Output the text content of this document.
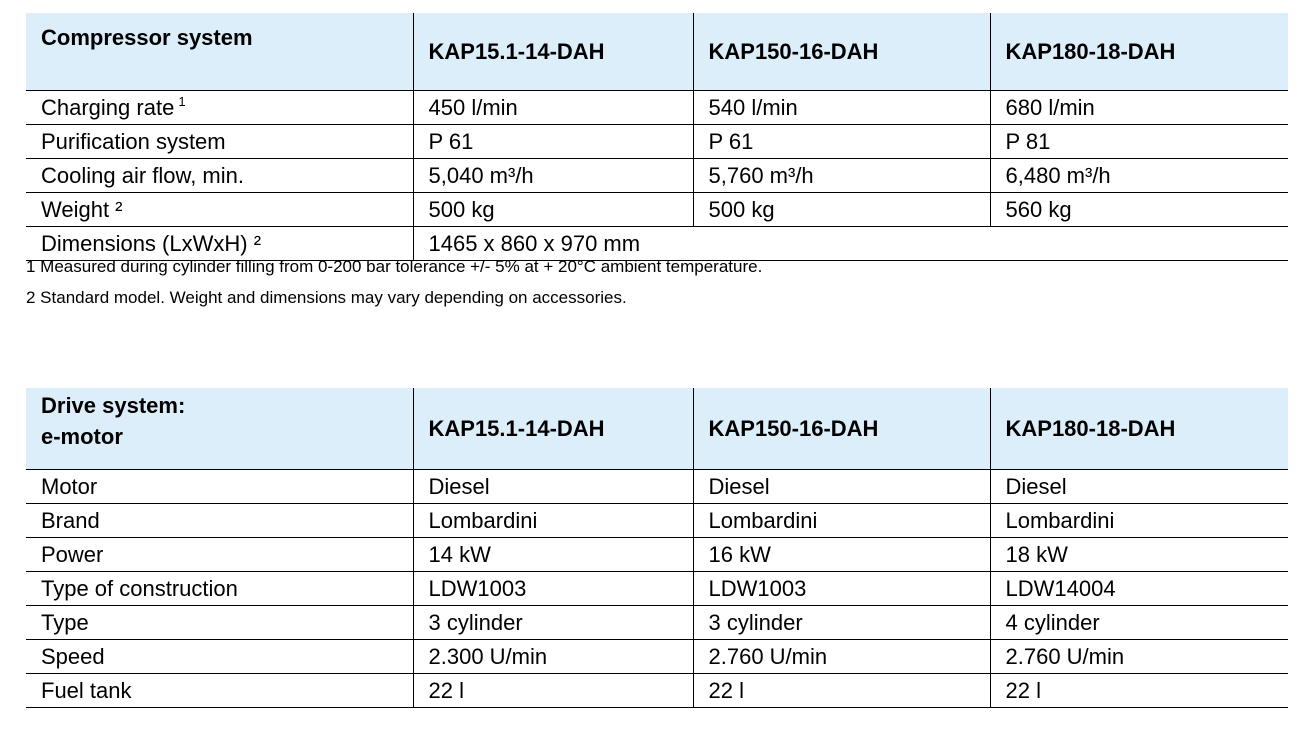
Compressor system	KAP15.1-14-DAH	KAP150-16-DAH	KAP180-18-DAH
Charging rate $^1$	450 l/min	540 l/min	680 l/min
Purification system	P 61	P 61	P 81
Cooling air flow, min.	5,040 m³/h	5,760 m³/h	6,480 m³/h
Weight ²	500 kg	500 kg	560 kg
Dimensions (LxWxH) ²	1465 x 860 x 970 mm		
1 Measured during cylinder filling from 0-200 bar tolerance +/- 5% at + 20°C ambient temperature.
2 Standard model. Weight and dimensions may vary depending on accessories.
Drive system:
e-motor	KAP15.1-14-DAH	KAP150-16-DAH	KAP180-18-DAH
Motor	Diesel	Diesel	Diesel
Brand	Lombardini	Lombardini	Lombardini
Power	14 kW	16 kW	18 kW
Type of construction	LDW1003	LDW1003	LDW14004
Type	3 cylinder	3 cylinder	4 cylinder
Speed	2.300 U/min	2.760 U/min	2.760 U/min
Fuel tank	22 l	22 l	22 l
